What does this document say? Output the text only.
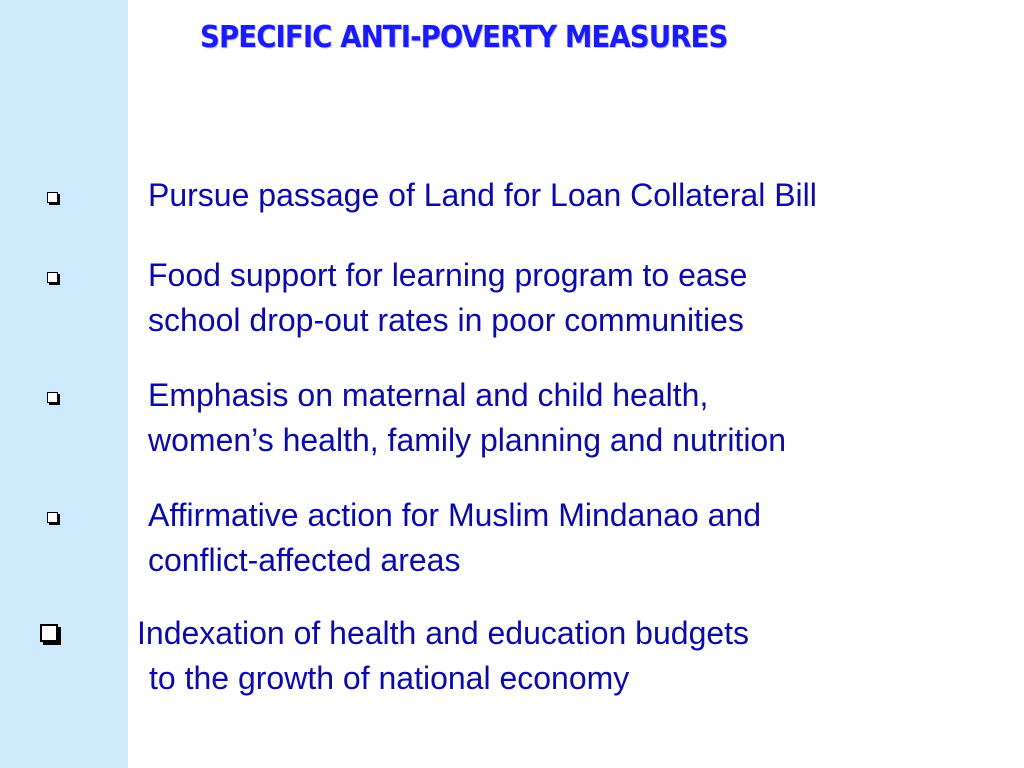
SPECIFIC ANTI-POVERTY MEASURES

Pursue passage of Land for Loan Collateral Bill

Food support for learning program to ease
school drop-out rates in poor communities

Emphasis on maternal and child health,
women’s health, family planning and nutrition

Affirmative action for Muslim Mindanao and
conflict-affected areas

Indexation of health and education budgets
to the growth of national economy
